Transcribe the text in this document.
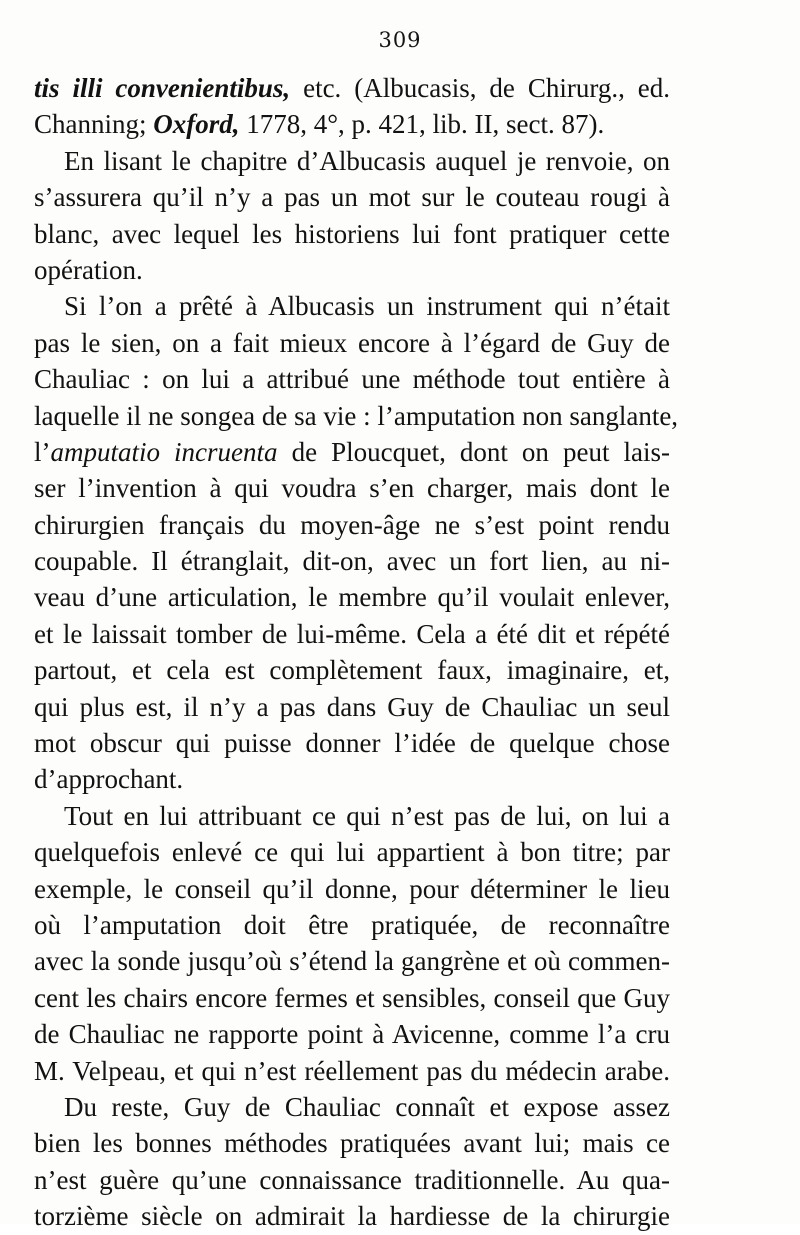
309
tis illi convenientibus, etc. (Albucasis, de Chirurg., ed.
Channing; Oxford, 1778, 4°, p. 421, lib. II, sect. 87).
En lisant le chapitre d’Albucasis auquel je renvoie, on
s’assurera qu’il n’y a pas un mot sur le couteau rougi à
blanc, avec lequel les historiens lui font pratiquer cette
opération.
Si l’on a prêté à Albucasis un instrument qui n’était
pas le sien, on a fait mieux encore à l’égard de Guy de
Chauliac : on lui a attribué une méthode tout entière à
laquelle il ne songea de sa vie : l’amputation non sanglante,
l’amputatio incruenta de Ploucquet, dont on peut lais-
ser l’invention à qui voudra s’en charger, mais dont le
chirurgien français du moyen-âge ne s’est point rendu
coupable. Il étranglait, dit-on, avec un fort lien, au ni-
veau d’une articulation, le membre qu’il voulait enlever,
et le laissait tomber de lui-même. Cela a été dit et répété
partout, et cela est complètement faux, imaginaire, et,
qui plus est, il n’y a pas dans Guy de Chauliac un seul
mot obscur qui puisse donner l’idée de quelque chose
d’approchant.
Tout en lui attribuant ce qui n’est pas de lui, on lui a
quelquefois enlevé ce qui lui appartient à bon titre; par
exemple, le conseil qu’il donne, pour déterminer le lieu
où l’amputation doit être pratiquée, de reconnaître
avec la sonde jusqu’où s’étend la gangrène et où commen-
cent les chairs encore fermes et sensibles, conseil que Guy
de Chauliac ne rapporte point à Avicenne, comme l’a cru
M. Velpeau, et qui n’est réellement pas du médecin arabe.
Du reste, Guy de Chauliac connaît et expose assez
bien les bonnes méthodes pratiquées avant lui; mais ce
n’est guère qu’une connaissance traditionnelle. Au qua-
torzième siècle on admirait la hardiesse de la chirurgie
